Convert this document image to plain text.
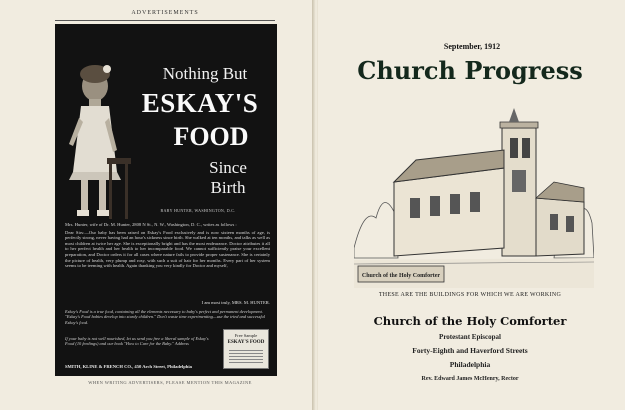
ADVERTISEMENTS
Nothing But
ESKAY'S
FOOD
Since
Birth
BABY HUNTER, WASHINGTON, D.C.

Mrs. Hunter, wife of Dr. M. Hunter, 2808 N St., N. W., Washington, D. C., writes as follows :

Dear Sirs:—Our baby has been raised on Eskay's Food exclusively and is now sixteen months of age, is perfectly strong, never having had an hour's sickness since birth. She walked at ten months, and talks as well as most children at twice her age. She is exceptionally bright and has the most endearance. Doctor attributes it all to her perfect health and her health to her incomparable food. We cannot sufficiently praise your excellent preparation, and Doctor orders it for all cases where nature fails to provide proper sustenance. She is certainly the picture of health, very plump and rosy, with such a suit of hair for her months. Every part of her system seems to be teeming with health. Again thanking you very kindly for Doctor and myself,

I am most truly, MRS. M. HUNTER.
Eskay's Food is a true food, containing all the elements necessary to baby's perfect and permanent development. "Eskay's Food babies develop into sturdy children." Don't waste time experimenting—use the tried and successful Eskay's food.
If your baby is not well nourished, let us send you free a liberal sample of Eskay's Food (10 feedings) and our book "How to Care for the Baby." Address
SMITH, KLINE & FRENCH CO., 450 Arch Street, Philadelphia
Free Sample
ESKAY'S FOOD
WHEN WRITING ADVERTISERS, PLEASE MENTION THIS MAGAZINE
September, 1912
Church Progress
Church of the Holy Comforter
THESE ARE THE BUILDINGS FOR WHICH WE ARE WORKING
Church of the Holy Comforter
Protestant Episcopal
Forty-Eighth and Haverford Streets
Philadelphia
Rev. Edward James McHenry, Rector
